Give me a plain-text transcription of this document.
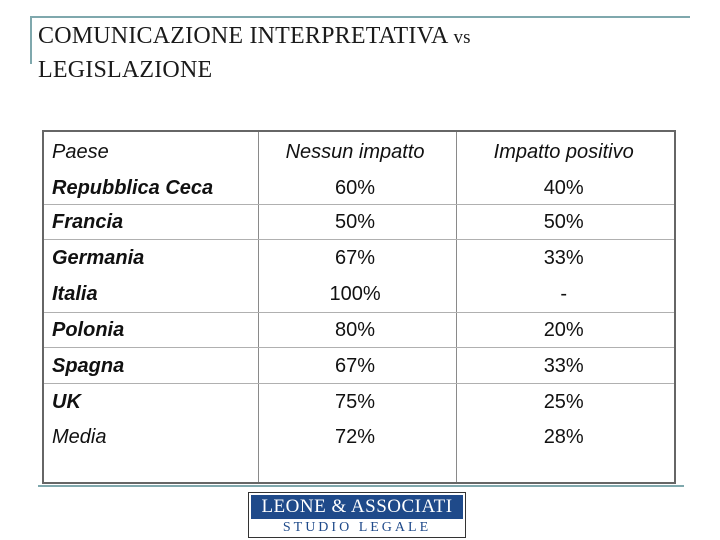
COMUNICAZIONE INTERPRETATIVA vs
LEGISLAZIONE
Paese	Nessun impatto	Impatto positivo
Repubblica Ceca	60%	40%
Francia	50%	50%
Germania	67%	33%
Italia	100%	-
Polonia	80%	20%
Spagna	67%	33%
UK	75%	25%
Media	72%	28%
LEONE & ASSOCIATI
STUDIO LEGALE
